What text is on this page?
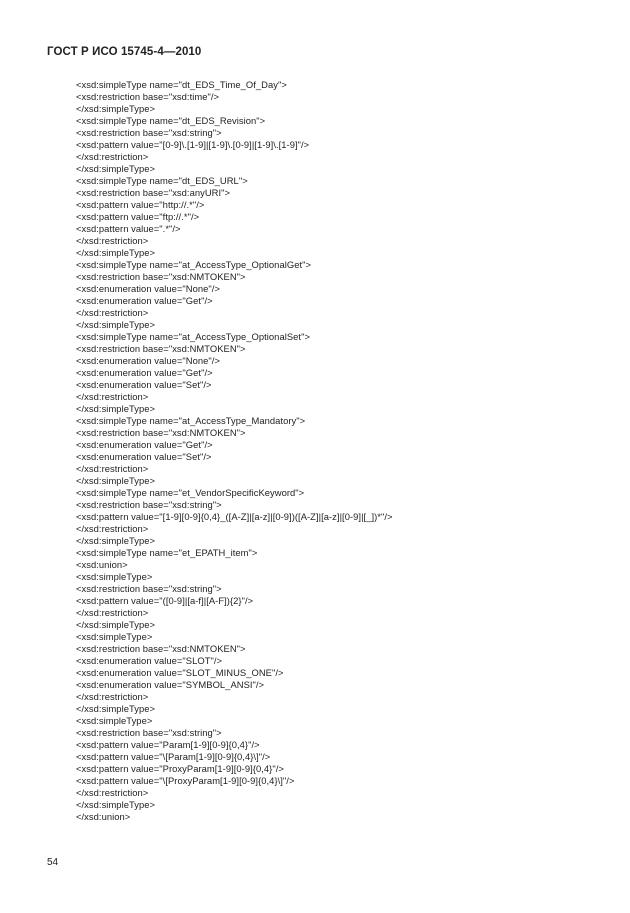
ГОСТ Р ИСО 15745-4—2010
<xsd:simpleType name="dt_EDS_Time_Of_Day">
<xsd:restriction base="xsd:time"/>
</xsd:simpleType>
<xsd:simpleType name="dt_EDS_Revision">
<xsd:restriction base="xsd:string">
<xsd:pattern value="[0-9]\.[1-9]|[1-9]\.[0-9]|[1-9]\.[1-9]"/>
</xsd:restriction>
</xsd:simpleType>
<xsd:simpleType name="dt_EDS_URL">
<xsd:restriction base="xsd:anyURI">
<xsd:pattern value="http://.*"/>
<xsd:pattern value="ftp://.*"/>
<xsd:pattern value=".*"/>
</xsd:restriction>
</xsd:simpleType>
<xsd:simpleType name="at_AccessType_OptionalGet">
<xsd:restriction base="xsd:NMTOKEN">
<xsd:enumeration value="None"/>
<xsd:enumeration value="Get"/>
</xsd:restriction>
</xsd:simpleType>
<xsd:simpleType name="at_AccessType_OptionalSet">
<xsd:restriction base="xsd:NMTOKEN">
<xsd:enumeration value="None"/>
<xsd:enumeration value="Get"/>
<xsd:enumeration value="Set"/>
</xsd:restriction>
</xsd:simpleType>
<xsd:simpleType name="at_AccessType_Mandatory">
<xsd:restriction base="xsd:NMTOKEN">
<xsd:enumeration value="Get"/>
<xsd:enumeration value="Set"/>
</xsd:restriction>
</xsd:simpleType>
<xsd:simpleType name="et_VendorSpecificKeyword">
<xsd:restriction base="xsd:string">
<xsd:pattern value="[1-9][0-9]{0,4}_([A-Z]|[a-z]|[0-9])([A-Z]|[a-z]|[0-9]|[_])*"/>
</xsd:restriction>
</xsd:simpleType>
<xsd:simpleType name="et_EPATH_item">
<xsd:union>
<xsd:simpleType>
<xsd:restriction base="xsd:string">
<xsd:pattern value="([0-9]|[a-f]|[A-F]){2}"/>
</xsd:restriction>
</xsd:simpleType>
<xsd:simpleType>
<xsd:restriction base="xsd:NMTOKEN">
<xsd:enumeration value="SLOT"/>
<xsd:enumeration value="SLOT_MINUS_ONE"/>
<xsd:enumeration value="SYMBOL_ANSI"/>
</xsd:restriction>
</xsd:simpleType>
<xsd:simpleType>
<xsd:restriction base="xsd:string">
<xsd:pattern value="Param[1-9][0-9]{0,4}"/>
<xsd:pattern value="\[Param[1-9][0-9]{0,4}\]"/>
<xsd:pattern value="ProxyParam[1-9][0-9]{0,4}"/>
<xsd:pattern value="\[ProxyParam[1-9][0-9]{0,4}\]"/>
</xsd:restriction>
</xsd:simpleType>
</xsd:union>
54
